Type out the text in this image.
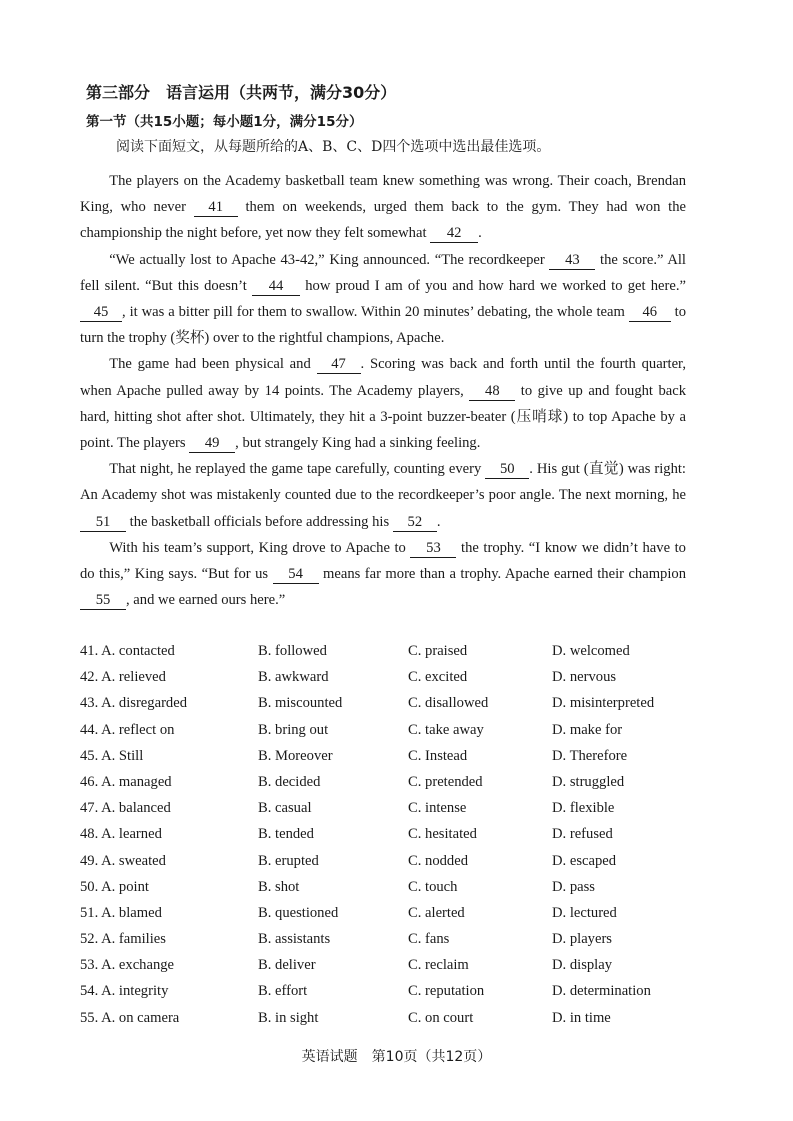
第三部分　语言运用（共两节，满分30分）
第一节（共15小题；每小题1分，满分15分）
阅读下面短文，从每题所给的A、B、C、D四个选项中选出最佳选项。

The players on the Academy basketball team knew something was wrong. Their coach, Brendan King, who never 41 them on weekends, urged them back to the gym. They had won the championship the night before, yet now they felt somewhat 42 .

“We actually lost to Apache 43-42,” King announced. “The recordkeeper 43 the score.” All fell silent. “But this doesn’t 44 how proud I am of you and how hard we worked to get here.” 45 , it was a bitter pill for them to swallow. Within 20 minutes’ debating, the whole team 46 to turn the trophy (奖杯) over to the rightful champions, Apache.

The game had been physical and 47 . Scoring was back and forth until the fourth quarter, when Apache pulled away by 14 points. The Academy players, 48 to give up and fought back hard, hitting shot after shot. Ultimately, they hit a 3-point buzzer-beater (压哨球) to top Apache by a point. The players 49 , but strangely King had a sinking feeling.

That night, he replayed the game tape carefully, counting every 50 . His gut (直觉) was right: An Academy shot was mistakenly counted due to the recordkeeper’s poor angle. The next morning, he 51 the basketball officials before addressing his 52 .

With his team’s support, King drove to Apache to 53 the trophy. “I know we didn’t have to do this,” King says. “But for us 54 means far more than a trophy. Apache earned their champion 55 , and we earned ours here.”

41. A. contacted	B. followed	C. praised	D. welcomed
42. A. relieved	B. awkward	C. excited	D. nervous
43. A. disregarded	B. miscounted	C. disallowed	D. misinterpreted
44. A. reflect on	B. bring out	C. take away	D. make for
45. A. Still	B. Moreover	C. Instead	D. Therefore
46. A. managed	B. decided	C. pretended	D. struggled
47. A. balanced	B. casual	C. intense	D. flexible
48. A. learned	B. tended	C. hesitated	D. refused
49. A. sweated	B. erupted	C. nodded	D. escaped
50. A. point	B. shot	C. touch	D. pass
51. A. blamed	B. questioned	C. alerted	D. lectured
52. A. families	B. assistants	C. fans	D. players
53. A. exchange	B. deliver	C. reclaim	D. display
54. A. integrity	B. effort	C. reputation	D. determination
55. A. on camera	B. in sight	C. on court	D. in time
英语试题　第10页（共12页）
